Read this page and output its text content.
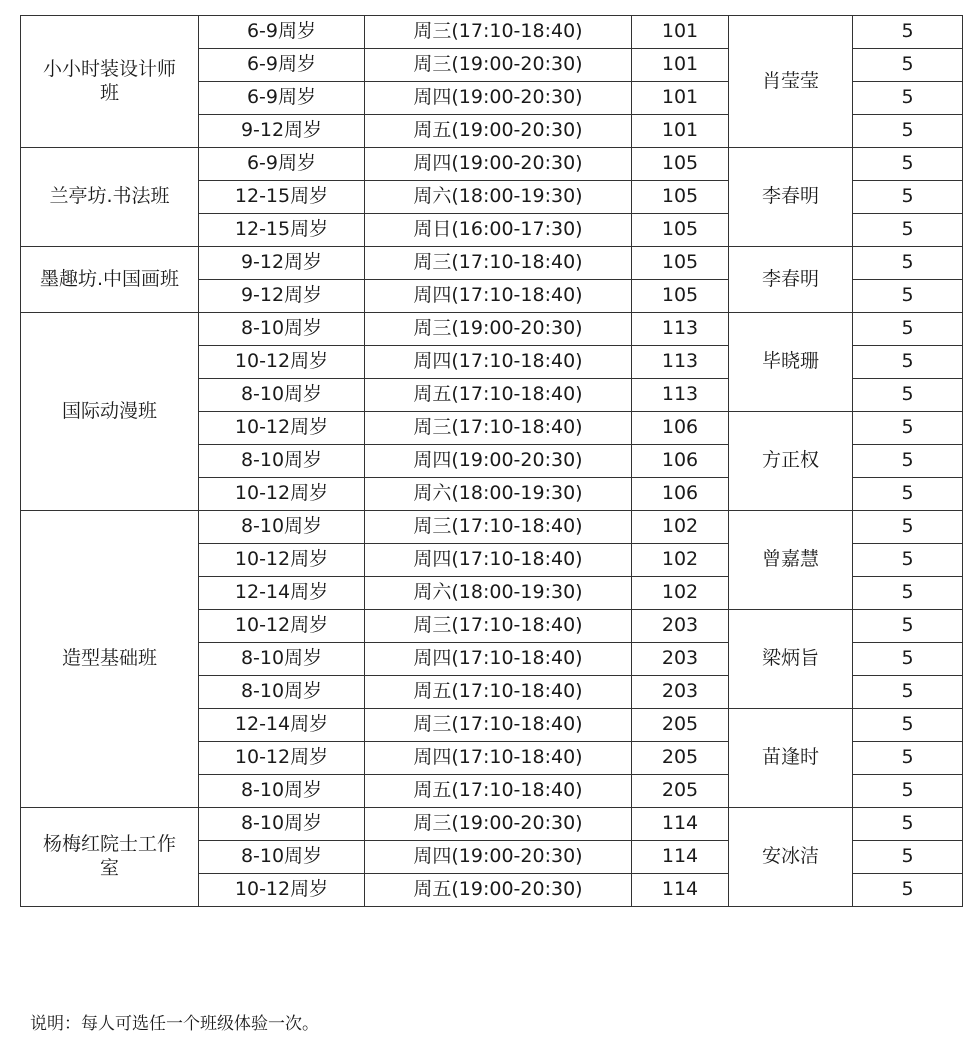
小小时装设计师班	6-9周岁	周三(17:10-18:40)	101	肖莹莹	5
	6-9周岁	周三(19:00-20:30)	101		5
	6-9周岁	周四(19:00-20:30)	101		5
	9-12周岁	周五(19:00-20:30)	101		5
兰亭坊.书法班	6-9周岁	周四(19:00-20:30)	105	李春明	5
	12-15周岁	周六(18:00-19:30)	105		5
	12-15周岁	周日(16:00-17:30)	105		5
墨趣坊.中国画班	9-12周岁	周三(17:10-18:40)	105	李春明	5
	9-12周岁	周四(17:10-18:40)	105		5
国际动漫班	8-10周岁	周三(19:00-20:30)	113	毕晓珊	5
	10-12周岁	周四(17:10-18:40)	113		5
	8-10周岁	周五(17:10-18:40)	113		5
	10-12周岁	周三(17:10-18:40)	106	方正权	5
	8-10周岁	周四(19:00-20:30)	106		5
	10-12周岁	周六(18:00-19:30)	106		5
造型基础班	8-10周岁	周三(17:10-18:40)	102	曾嘉慧	5
	10-12周岁	周四(17:10-18:40)	102		5
	12-14周岁	周六(18:00-19:30)	102		5
	10-12周岁	周三(17:10-18:40)	203	梁炳旨	5
	8-10周岁	周四(17:10-18:40)	203		5
	8-10周岁	周五(17:10-18:40)	203		5
	12-14周岁	周三(17:10-18:40)	205	苗逢时	5
	10-12周岁	周四(17:10-18:40)	205		5
	8-10周岁	周五(17:10-18:40)	205		5
杨梅红院士工作室	8-10周岁	周三(19:00-20:30)	114	安冰洁	5
	8-10周岁	周四(19:00-20:30)	114		5
	10-12周岁	周五(19:00-20:30)	114		5
说明：每人可选任一个班级体验一次。
